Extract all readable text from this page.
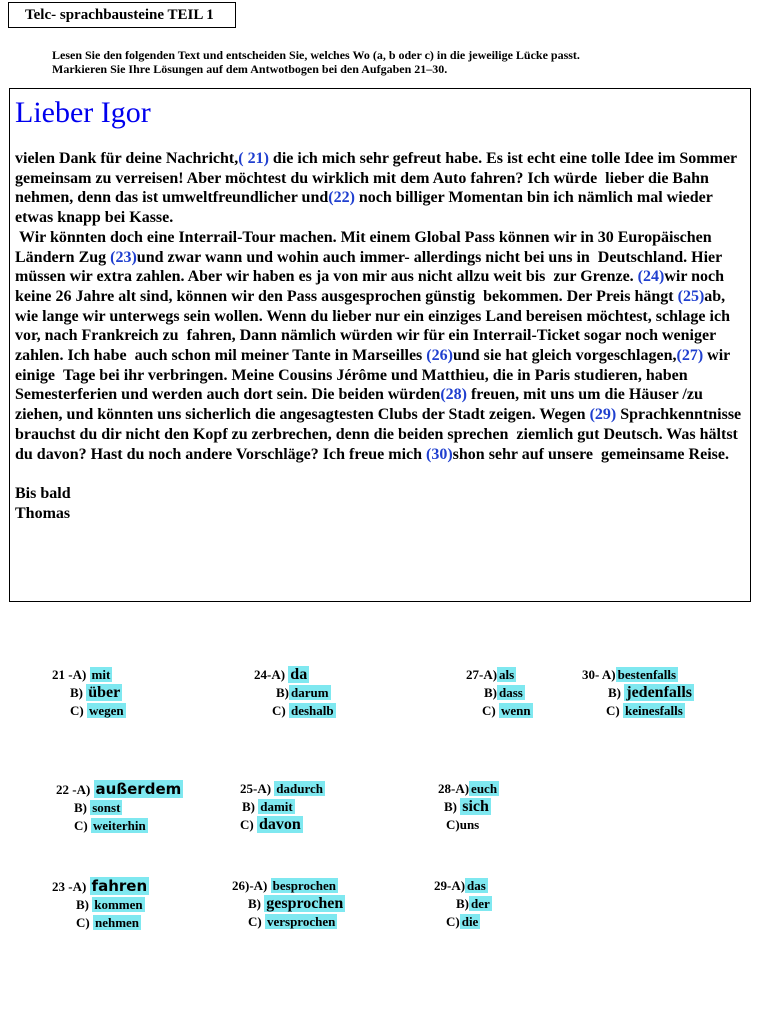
Telc- sprachbausteine TEIL 1
Lesen Sie den folgenden Text und entscheiden Sie, welches Wo (a, b oder c) in die jeweilige Lücke passt. Markieren Sie Ihre Lösungen auf dem Antwotbogen bei den Aufgaben 21–30.
Lieber Igor

vielen Dank für deine Nachricht,( 21) die ich mich sehr gefreut habe. Es ist echt eine tolle Idee im Sommer gemeinsam zu verreisen! Aber möchtest du wirklich mit dem Auto fahren? Ich würde  lieber die Bahn nehmen, denn das ist umweltfreundlicher und(22) noch billiger Momentan bin ich nämlich mal wieder etwas knapp bei Kasse.

Wir könnten doch eine Interrail-Tour machen. Mit einem Global Pass können wir in 30 Europäischen Ländern Zug (23)und zwar wann und wohin auch immer- allerdings nicht bei uns in  Deutschland. Hier müssen wir extra zahlen. Aber wir haben es ja von mir aus nicht allzu weit bis  zur Grenze. (24)wir noch keine 26 Jahre alt sind, können wir den Pass ausgesprochen günstig  bekommen. Der Preis hängt (25)ab, wie lange wir unterwegs sein wollen. Wenn du lieber nur ein einziges Land bereisen möchtest, schlage ich vor, nach Frankreich zu  fahren, Dann nämlich würden wir für ein Interrail-Ticket sogar noch weniger zahlen. Ich habe  auch schon mil meiner Tante in Marseilles (26)und sie hat gleich vorgeschlagen,(27) wir einige  Tage bei ihr verbringen. Meine Cousins Jérôme und Matthieu, die in Paris studieren, haben

Semesterferien und werden auch dort sein. Die beiden würden(28) freuen, mit uns um die Häuser /zu ziehen, und könnten uns sicherlich die angesagtesten Clubs der Stadt zeigen. Wegen (29) Sprachkenntnisse brauchst du dir nicht den Kopf zu zerbrechen, denn die beiden sprechen  ziemlich gut Deutsch. Was hältst du davon? Hast du noch andere Vorschläge? Ich freue mich (30)shon sehr auf unsere  gemeinsame Reise.

Bis bald
Thomas
21 -A) mit
B) über
C) wegen
24-A) da
B) darum
C) deshalb
27-A) als
B) dass
C) wenn
30- A) bestenfalls
B) jedenfalls
C) keinesfalls
22 -A) außerdem
B) sonst
C) weiterhin
25-A) dadurch
B) damit
C) davon
28-A) euch
B) sich
C)uns
23 -A) fahren
B) kommen
C) nehmen
26)-A) besprochen
B) gesprochen
C) versprochen
29-A) das
B) der
C) die
